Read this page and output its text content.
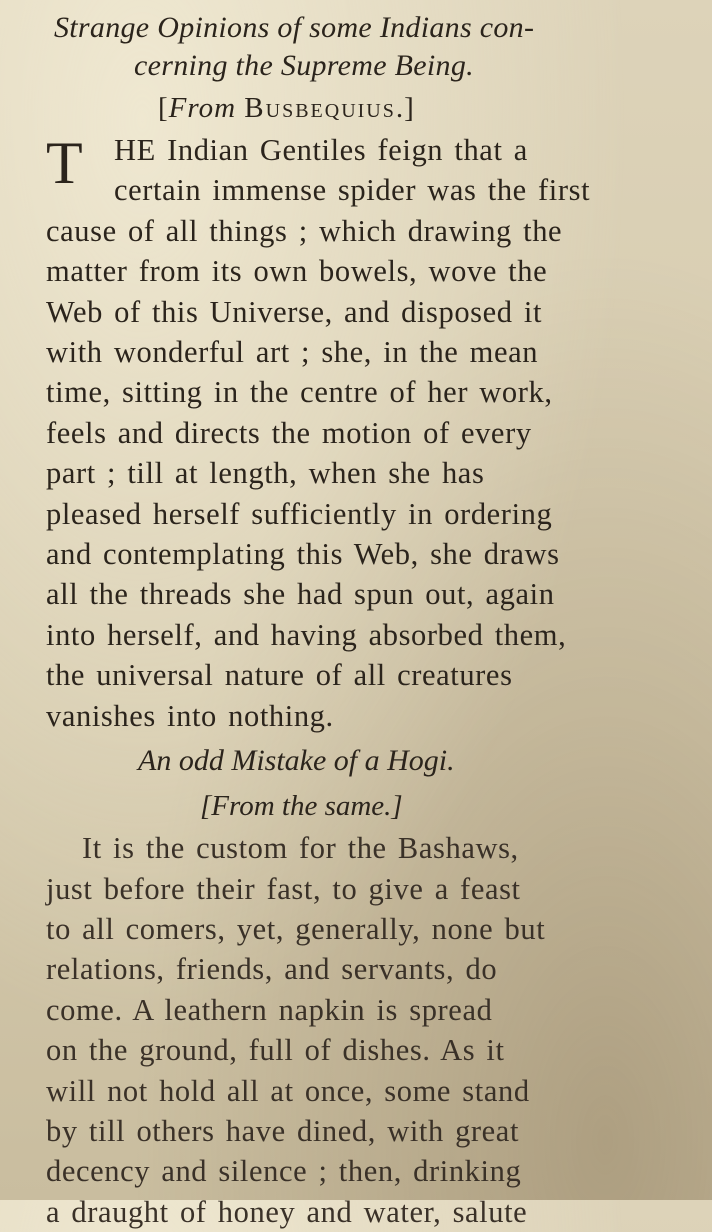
Strange Opinions of some Indians con-

cerning the Supreme Being.

[From Busbequius.]

T HE Indian Gentiles feign that a

certain immense spider was the first

cause of all things ; which drawing the

matter from its own bowels, wove the

Web of this Universe, and disposed it

with wonderful art ; she, in the mean

time, sitting in the centre of her work,

feels and directs the motion of every

part ; till at length, when she has

pleased herself sufficiently in ordering

and contemplating this Web, she draws

all the threads she had spun out, again

into herself, and having absorbed them,

the universal nature of all creatures

vanishes into nothing.

An odd Mistake of a Hogi.

[From the same.]

It is the custom for the Bashaws,

just before their fast, to give a feast

to all comers, yet, generally, none but

relations, friends, and servants, do

come. A leathern napkin is spread

on the ground, full of dishes. As it

will not hold all at once, some stand

by till others have dined, with great

decency and silence ; then, drinking

a draught of honey and water, salute
